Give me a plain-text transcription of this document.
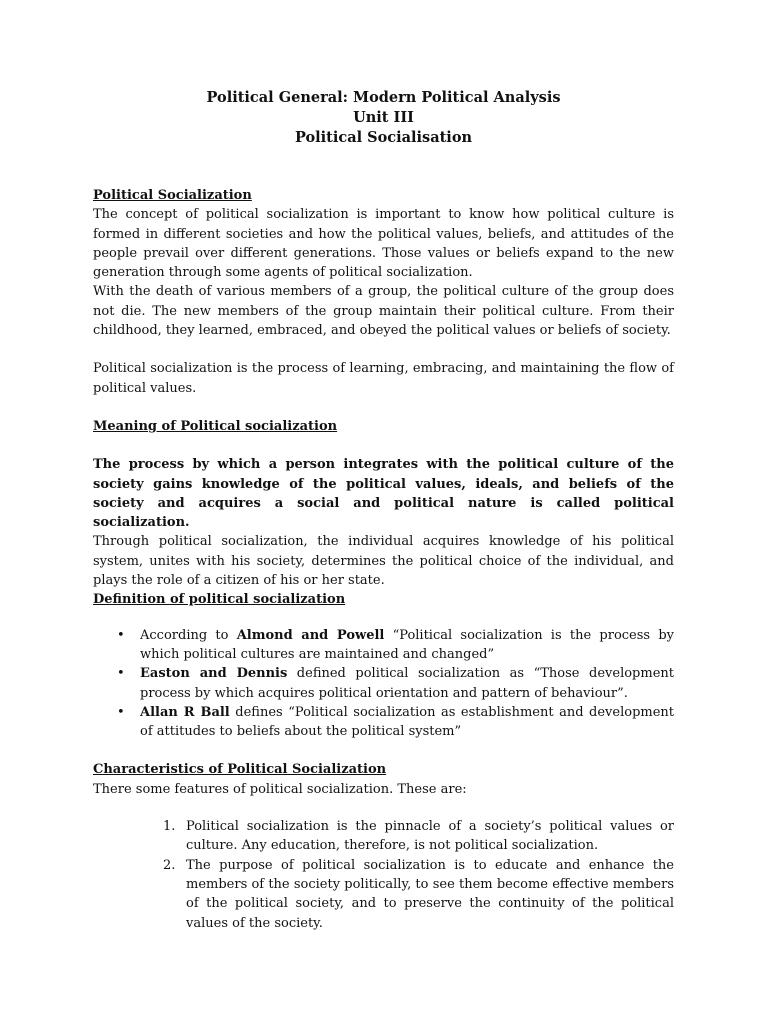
Political General: Modern Political Analysis
Unit III
Political Socialisation
Political Socialization

The concept of political socialization is important to know how political culture is formed in different societies and how the political values, beliefs, and attitudes of the people prevail over different generations. Those values or beliefs expand to the new generation through some agents of political socialization.

With the death of various members of a group, the political culture of the group does not die. The new members of the group maintain their political culture. From their childhood, they learned, embraced, and obeyed the political values or beliefs of society.

Political socialization is the process of learning, embracing, and maintaining the flow of political values.

Meaning of Political socialization

The process by which a person integrates with the political culture of the society gains knowledge of the political values, ideals, and beliefs of the society and acquires a social and political nature is called political socialization.

Through political socialization, the individual acquires knowledge of his political system, unites with his society, determines the political choice of the individual, and plays the role of a citizen of his or her state.

Definition of political socialization
• According to Almond and Powell “Political socialization is the process by which political cultures are maintained and changed”
• Easton and Dennis defined political socialization as “Those development process by which acquires political orientation and pattern of behaviour”.
• Allan R Ball defines “Political socialization as establishment and development of attitudes to beliefs about the political system”
Characteristics of Political Socialization

There some features of political socialization. These are:

1. Political socialization is the pinnacle of a society’s political values or culture. Any education, therefore, is not political socialization.
2. The purpose of political socialization is to educate and enhance the members of the society politically, to see them become effective members of the political society, and to preserve the continuity of the political values of the society.
